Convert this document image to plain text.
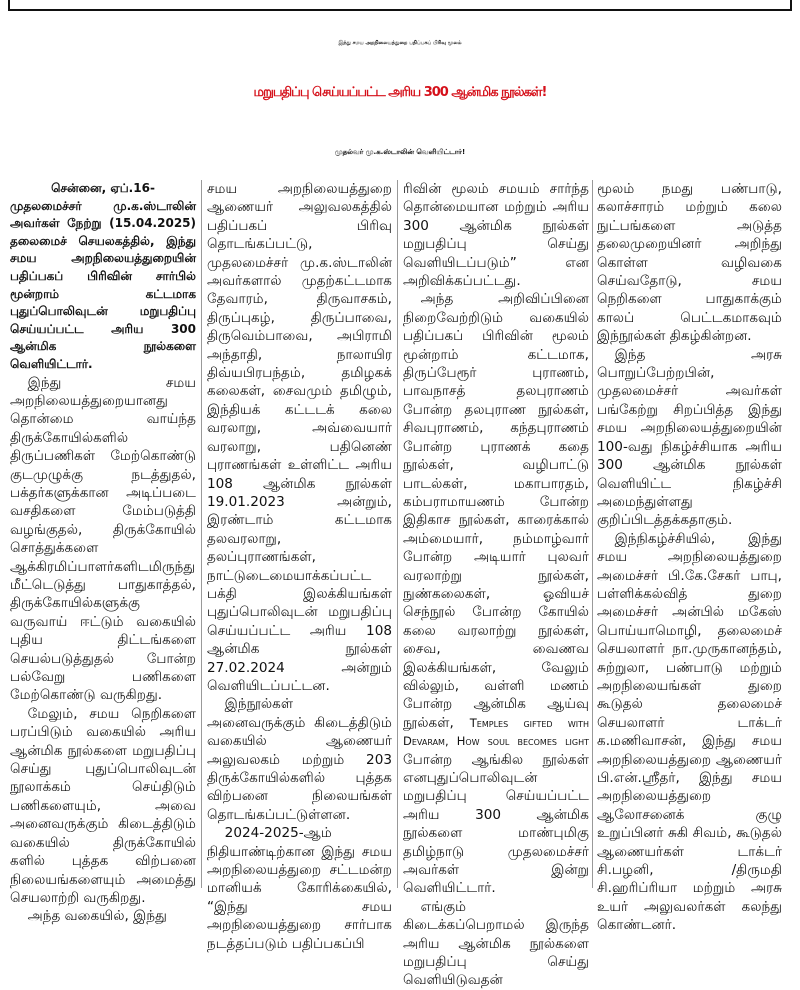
இந்து சமய அறநிலையத்துறை பதிப்பகப் பிரிவு மூலம்
மறுபதிப்பு செய்யப்பட்ட அரிய 300 ஆன்மிக நூல்கள்!
முதல்வர் மு.க.ஸ்டாலின் வெளியிட்டார்!

சென்னை, ஏப்.16-
முதலமைச்சர் மு.க.ஸ்டாலின் அவர்கள் நேற்று (15.04.2025) தலைமைச் செயலகத்தில், இந்து சமய அறநிலையத்துறையின் பதிப்பகப் பிரிவின் சார்பில் மூன்றாம் கட்டமாக புதுப்பொலிவுடன் மறுபதிப்பு செய்யப்பட்ட அரிய 300 ஆன்மிக நூல்களை வெளியிட்டார்.

இந்து சமய அறநிலையத்துறையானது தொன்மை வாய்ந்த திருக்கோயில்களில் திருப்பணிகள் மேற்கொண்டு குடமுழுக்கு நடத்துதல், பக்தர்களுக்கான அடிப்படை வசதிகளை மேம்படுத்தி வழங்குதல், திருக்கோயில் சொத்துக்களை ஆக்கிரமிப்பாளர்களிடமிருந்து மீட்டெடுத்து பாதுகாத்தல், திருக்கோயில்களுக்கு வருவாய் ஈட்டும் வகையில் புதிய திட்டங்களை செயல்படுத்துதல் போன்ற பல்வேறு பணிகளை மேற்கொண்டு வருகிறது.

மேலும், சமய நெறிகளை பரப்பிடும் வகையில் அரிய ஆன்மிக நூல்களை மறுபதிப்பு செய்து புதுப்பொலிவுடன் நூலாக்கம் செய்திடும் பணிகளையும், அவை அனைவருக்கும் கிடைத்திடும் வகையில் திருக்கோயில் களில் புத்தக விற்பனை நிலையங்களையும் அமைத்து செயலாற்றி வருகிறது.

அந்த வகையில், இந்து

சமய அறநிலையத்துறை ஆணையர் அலுவலகத்தில் பதிப்பகப் பிரிவு தொடங்கப்பட்டு, முதலமைச்சர் மு.க.ஸ்டாலின் அவர்களால் முதற்கட்டமாக தேவாரம், திருவாசகம், திருப்புகழ், திருப்பாவை, திருவெம்பாவை, அபிராமி அந்தாதி, நாலாயிர திவ்யபிரபந்தம், தமிழகக் கலைகள், சைவமும் தமிழும், இந்தியக் கட்டடக் கலை வரலாறு, அவ்வையார் வரலாறு, பதினெண் புராணங்கள் உள்ளிட்ட அரிய 108 ஆன்மிக நூல்கள் 19.01.2023 அன்றும், இரண்டாம் கட்டமாக தலவரலாறு, தலப்புராணங்கள், நாட்டுடைமையாக்கப்பட்ட பக்தி இலக்கியங்கள் புதுப்பொலிவுடன் மறுபதிப்பு செய்யப்பட்ட அரிய 108 ஆன்மிக நூல்கள் 27.02.2024 அன்றும் வெளியிடப்பட்டன.

இந்நூல்கள் அனைவருக்கும் கிடைத்திடும் வகையில் ஆணையர் அலுவலகம் மற்றும் 203 திருக்கோயில்களில் புத்தக விற்பனை நிலையங்கள் தொடங்கப்பட்டுள்ளன.

2024-2025-ஆம் நிதியாண்டிற்கான இந்து சமய அறநிலையத்துறை சட்டமன்ற மானியக் கோரிக்கையில், “இந்து சமய அறநிலையத்துறை சார்பாக நடத்தப்படும் பதிப்பகப்பி

ரிவின் மூலம் சமயம் சார்ந்த தொன்மையான மற்றும் அரிய 300 ஆன்மிக நூல்கள் மறுபதிப்பு செய்து வெளியிடப்படும்” என அறிவிக்கப்பட்டது.

அந்த அறிவிப்பினை நிறைவேற்றிடும் வகையில் பதிப்பகப் பிரிவின் மூலம் மூன்றாம் கட்டமாக, திருப்பேரூர் புராணம், பாவநாசத் தலபுராணம் போன்ற தலபுராண நூல்கள், சிவபுராணம், கந்தபுராணம் போன்ற புராணக் கதை நூல்கள், வழிபாட்டு பாடல்கள், மகாபாரதம், கம்பராமாயணம் போன்ற இதிகாச நூல்கள், காரைக்கால் அம்மையார், நம்மாழ்வார் போன்ற அடியார் புலவர் வரலாற்று நூல்கள், நுண்கலைகள், ஓவியச் செந்நூல் போன்ற கோயில் கலை வரலாற்று நூல்கள், சைவ, வைணவ இலக்கியங்கள், வேலும் வில்லும், வள்ளி மணம் போன்ற ஆன்மிக ஆய்வு நூல்கள், Temples gifted with Devaram, How soul becomes light போன்ற ஆங்கில நூல்கள் எனபுதுப்பொலிவுடன் மறுபதிப்பு செய்யப்பட்ட அரிய 300 ஆன்மிக நூல்களை மாண்புமிகு தமிழ்நாடு முதலமைச்சர் அவர்கள் இன்று வெளியிட்டார்.

எங்கும் கிடைக்கப்பெறாமல் இருந்த அரிய ஆன்மிக நூல்களை மறுபதிப்பு செய்து வெளியிடுவதன்

மூலம் நமது பண்பாடு, கலாச்சாரம் மற்றும் கலை நுட்பங்களை அடுத்த தலைமுறையினர் அறிந்து கொள்ள வழிவகை செய்வதோடு, சமய நெறிகளை பாதுகாக்கும் காலப் பெட்டகமாகவும் இந்நூல்கள் திகழ்கின்றன.

இந்த அரசு பொறுப்பேற்றபின், முதலமைச்சர் அவர்கள் பங்கேற்று சிறப்பித்த இந்து சமய அறநிலையத்துறையின் 100-வது நிகழ்ச்சியாக அரிய 300 ஆன்மிக நூல்கள் வெளியிட்ட நிகழ்ச்சி அமைந்துள்ளது குறிப்பிடத்தக்கதாகும்.

இந்நிகழ்ச்சியில், இந்து சமய அறநிலையத்துறை அமைச்சர் பி.கே.சேகர் பாபு, பள்ளிக்கல்வித் துறை அமைச்சர் அன்பில் மகேஸ் பொய்யாமொழி, தலைமைச் செயலாளர் நா.முருகானந்தம், சுற்றுலா, பண்பாடு மற்றும் அறநிலையங்கள் துறை கூடுதல் தலைமைச் செயலாளர் டாக்டர் க.மணிவாசன், இந்து சமய அறநிலையத்துறை ஆணையர் பி.என்.ஸ்ரீதர், இந்து சமய அறநிலையத்துறை ஆலோசனைக் குழு உறுப்பினர் சுகி சிவம், கூடுதல் ஆணையர்கள் டாக்டர் சி.பழனி, /திருமதி சி.ஹரிப்ரியா மற்றும் அரசு உயர் அலுவலர்கள் கலந்து கொண்டனர்.
